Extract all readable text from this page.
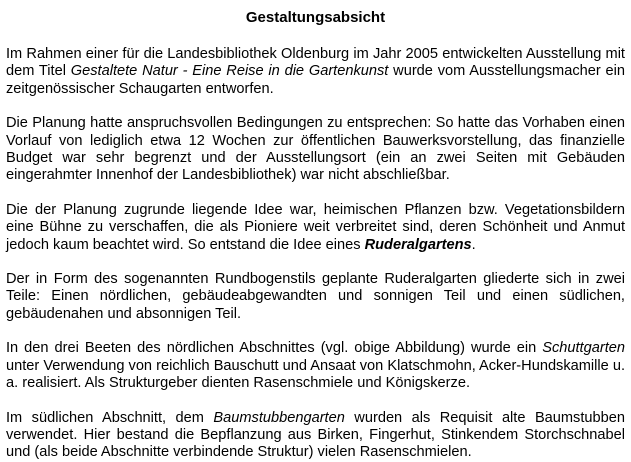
Gestaltungsabsicht

Im Rahmen einer für die Landesbibliothek Oldenburg im Jahr 2005 entwickelten Ausstellung mit dem Titel Gestaltete Natur - Eine Reise in die Gartenkunst wurde vom Ausstellungsmacher ein zeitgenössischer Schaugarten entworfen.

Die Planung hatte anspruchsvollen Bedingungen zu entsprechen: So hatte das Vorhaben einen Vorlauf von lediglich etwa 12 Wochen zur öffentlichen Bauwerksvorstellung, das finanzielle Budget war sehr begrenzt und der Ausstellungsort (ein an zwei Seiten mit Gebäuden eingerahmter Innenhof der Landesbibliothek) war nicht abschließbar.

Die der Planung zugrunde liegende Idee war, heimischen Pflanzen bzw. Vegetationsbildern eine Bühne zu verschaffen, die als Pioniere weit verbreitet sind, deren Schönheit und Anmut jedoch kaum beachtet wird. So entstand die Idee eines Ruderalgartens.

Der in Form des sogenannten Rundbogenstils geplante Ruderalgarten gliederte sich in zwei Teile: Einen nördlichen, gebäudeabgewandten und sonnigen Teil und einen südlichen, gebäudenahen und absonnigen Teil.

In den drei Beeten des nördlichen Abschnittes (vgl. obige Abbildung) wurde ein Schuttgarten unter Verwendung von reichlich Bauschutt und Ansaat von Klatschmohn, Acker-Hundskamille u. a. realisiert. Als Strukturgeber dienten Rasenschmiele und Königskerze.

Im südlichen Abschnitt, dem Baumstubbengarten wurden als Requisit alte Baumstubben verwendet. Hier bestand die Bepflanzung aus Birken, Fingerhut, Stinkendem Storchschnabel und (als beide Abschnitte verbindende Struktur) vielen Rasenschmielen.
